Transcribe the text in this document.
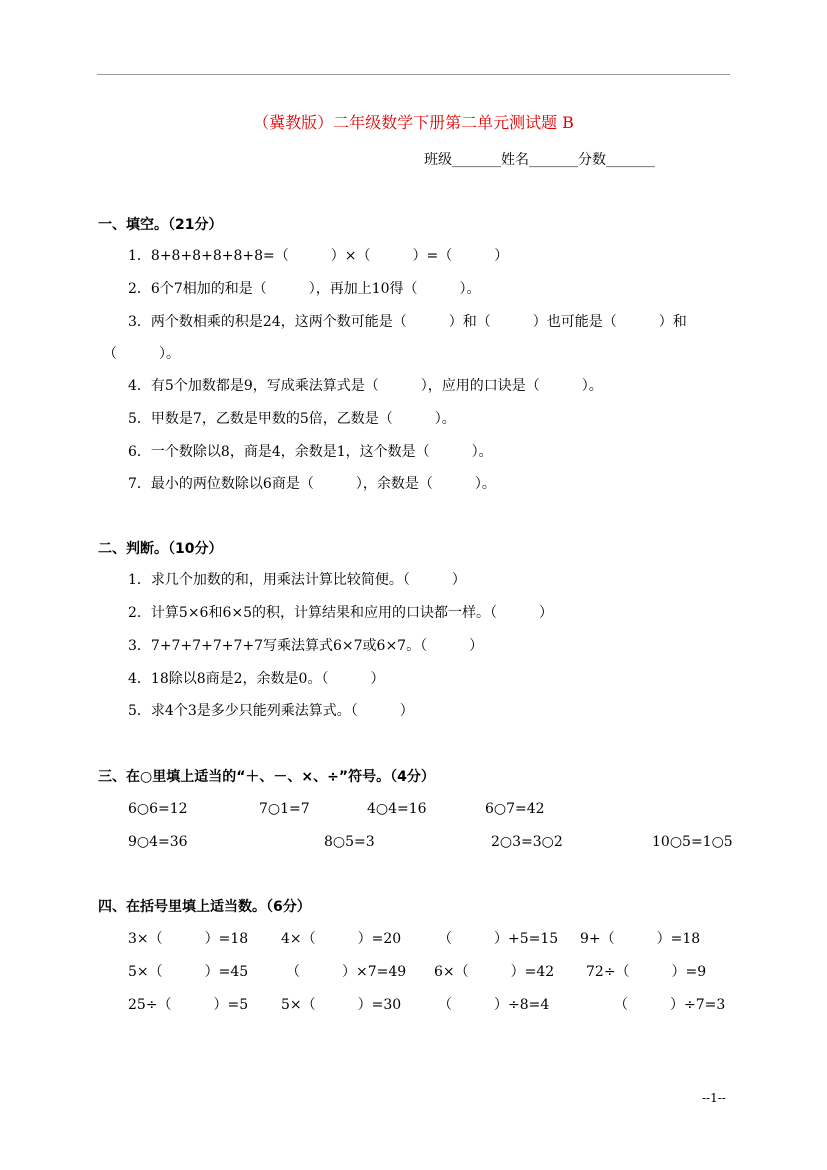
（冀教版）二年级数学下册第二单元测试题 B
班级_______姓名_______分数_______
一、填空。（21分）
1．8+8+8+8+8+8=（　　　）×（　　　）=（　　　）
2．6个7相加的和是（　　　），再加上10得（　　　）。
3．两个数相乘的积是24，这两个数可能是（　　　）和（　　　）也可能是（　　　）和
（　　　）。
4．有5个加数都是9，写成乘法算式是（　　　），应用的口诀是（　　　）。
5．甲数是7，乙数是甲数的5倍，乙数是（　　　）。
6．一个数除以8，商是4，余数是1，这个数是（　　　）。
7．最小的两位数除以6商是（　　　），余数是（　　　）。
二、判断。（10分）
1．求几个加数的和，用乘法计算比较简便。（　　　）
2．计算5×6和6×5的积，计算结果和应用的口诀都一样。（　　　）
3．7+7+7+7+7+7写乘法算式6×7或6×7。（　　　）
4．18除以8商是2，余数是0。（　　　）
5．求4个3是多少只能列乘法算式。（　　　）
三、在○里填上适当的“＋、－、×、÷”符号。（4分）
6○6=12	7○1=7	4○4=16	6○7=42
9○4=36	8○5=3	2○3=3○2	10○5=1○5
四、在括号里填上适当数。（6分）
3×（　　　）=18 4×（　　　）=20	（　　　）+5=15 9+（　　　）=18
5×（　　　）=45	（　　　）×7=49 6×（　　　）=42 72÷（　　　）=9
25÷（　　　）=5 5×（　　　）=30	（　　　）÷8=4	（　　　）÷7=3
--1--
